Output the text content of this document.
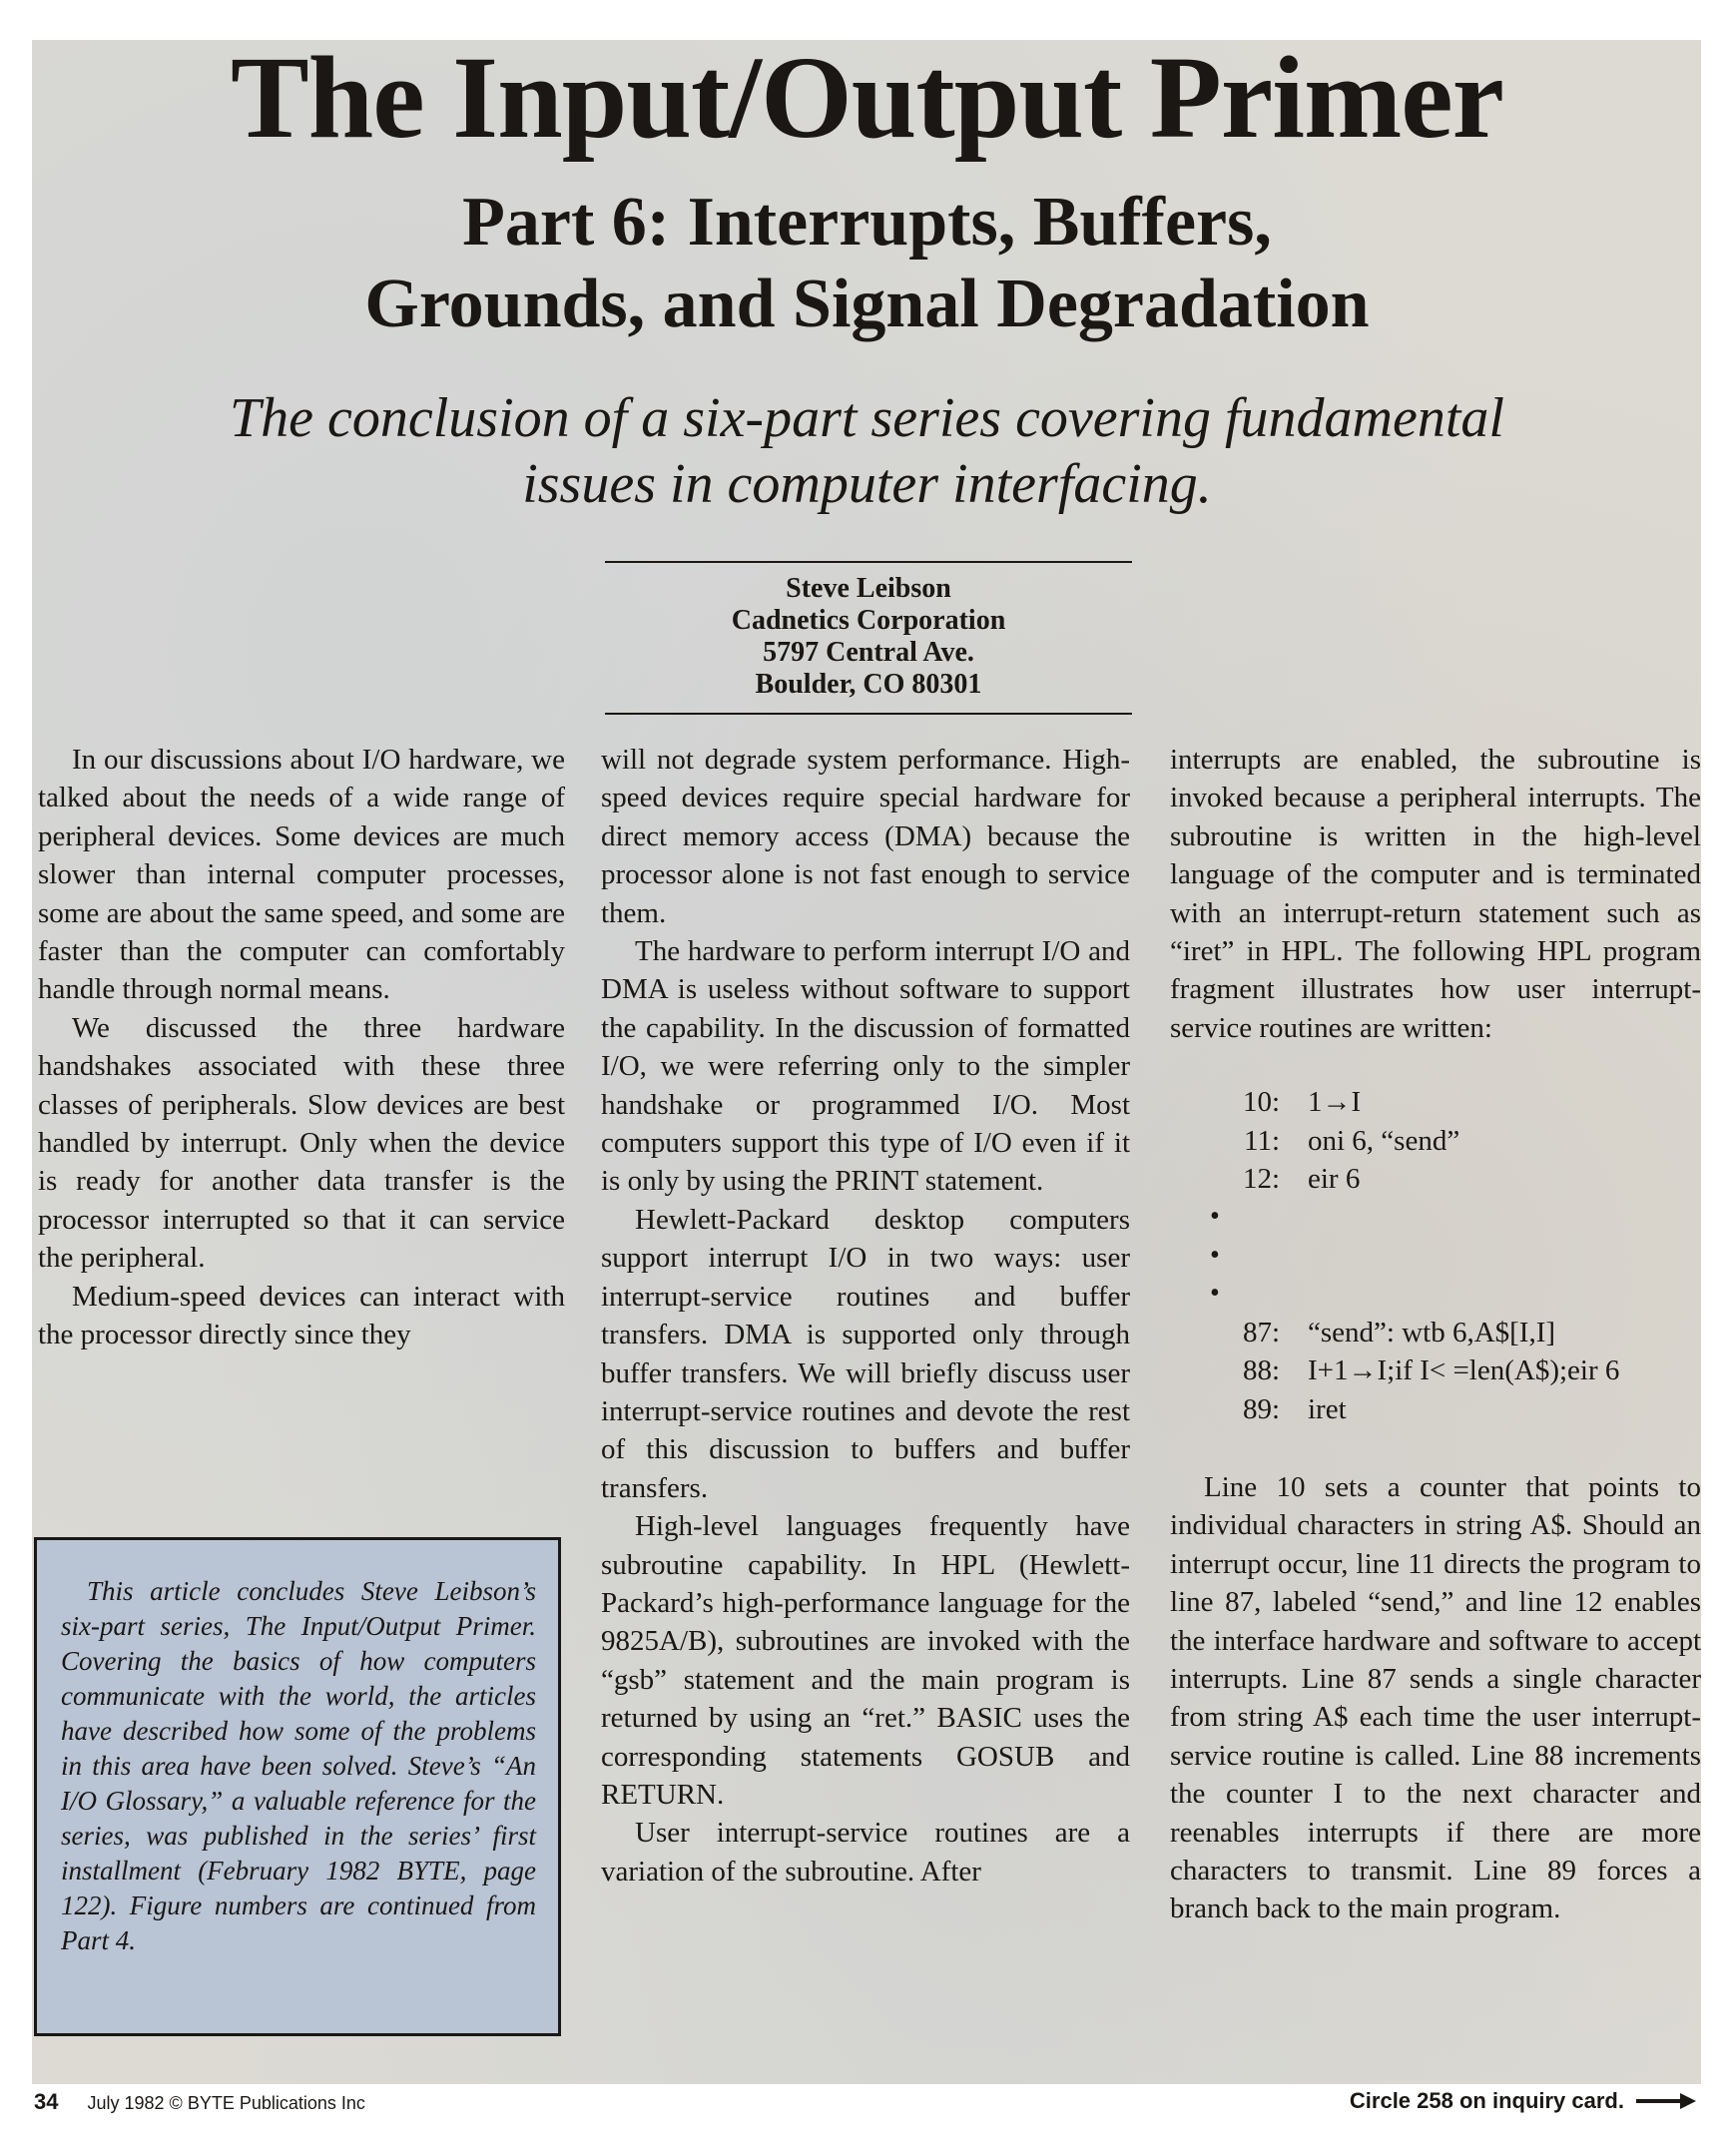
The Input/Output Primer
Part 6: Interrupts, Buffers,
Grounds, and Signal Degradation
The conclusion of a six-part series covering fundamental
issues in computer interfacing.
Steve Leibson
Cadnetics Corporation
5797 Central Ave.
Boulder, CO 80301

In our discussions about I/O hardware, we talked about the needs of a wide range of peripheral devices. Some devices are much slower than internal computer processes, some are about the same speed, and some are faster than the computer can comfortably handle through normal means.

We discussed the three hardware handshakes associated with these three classes of peripherals. Slow devices are best handled by interrupt. Only when the device is ready for another data transfer is the processor interrupted so that it can service the peripheral.

Medium-speed devices can interact with the processor directly since they

This article concludes Steve Leibson’s six-part series, The Input/Output Primer. Covering the basics of how computers communicate with the world, the articles have described how some of the problems in this area have been solved. Steve’s “An I/O Glossary,” a valuable reference for the series, was published in the series’ first installment (February 1982 BYTE, page 122). Figure numbers are continued from Part 4.

will not degrade system performance. High-speed devices require special hardware for direct memory access (DMA) because the processor alone is not fast enough to service them.

The hardware to perform interrupt I/O and DMA is useless without software to support the capability. In the discussion of formatted I/O, we were referring only to the simpler handshake or programmed I/O. Most computers support this type of I/O even if it is only by using the PRINT statement.

Hewlett-Packard desktop computers support interrupt I/O in two ways: user interrupt-service routines and buffer transfers. DMA is supported only through buffer transfers. We will briefly discuss user interrupt-service routines and devote the rest of this discussion to buffers and buffer transfers.

High-level languages frequently have subroutine capability. In HPL (Hewlett-Packard’s high-performance language for the 9825A/B), subroutines are invoked with the “gsb” statement and the main program is returned by using an “ret.” BASIC uses the corresponding statements GOSUB and RETURN.

User interrupt-service routines are a variation of the subroutine. After

interrupts are enabled, the subroutine is invoked because a peripheral interrupts. The subroutine is written in the high-level language of the computer and is terminated with an interrupt-return statement such as “iret” in HPL. The following HPL program fragment illustrates how user interrupt-service routines are written:

10: 1→I
11: oni 6, “send”
12: eir 6
•
•
•
87: “send”: wtb 6,A$[I,I]
88: I+1→I;if I< =len(A$);eir 6
89: iret

Line 10 sets a counter that points to individual characters in string A$. Should an interrupt occur, line 11 directs the program to line 87, labeled “send,” and line 12 enables the interface hardware and software to accept interrupts. Line 87 sends a single character from string A$ each time the user interrupt-service routine is called. Line 88 increments the counter I to the next character and reenables interrupts if there are more characters to transmit. Line 89 forces a branch back to the main program.

34 July 1982 © BYTE Publications Inc	Circle 258 on inquiry card.
